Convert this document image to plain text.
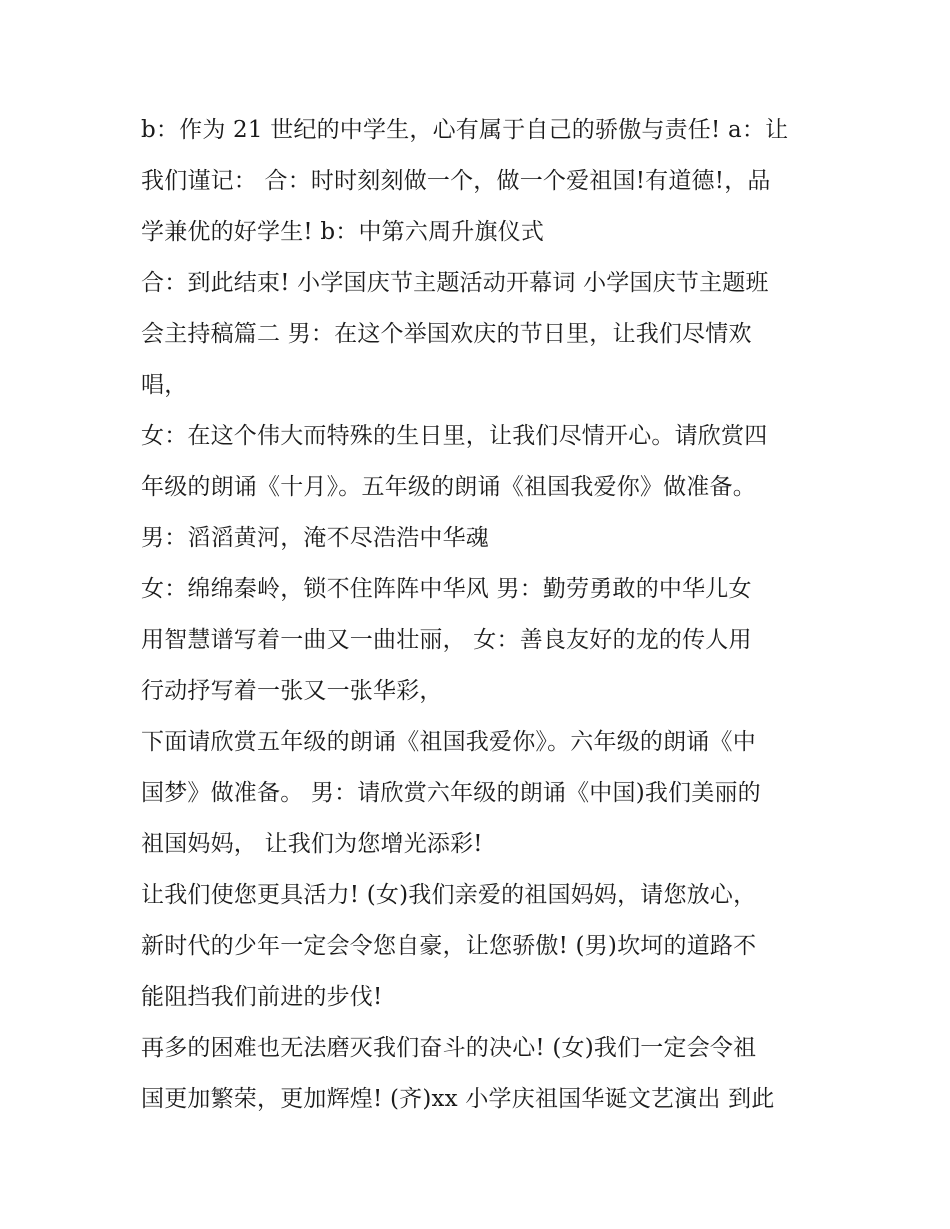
b：作为 21 世纪的中学生，心有属于自己的骄傲与责任! a：让
我们谨记： 合：时时刻刻做一个，做一个爱祖国!有道德!，品
学兼优的好学生! b：中第六周升旗仪式
合：到此结束! 小学国庆节主题活动开幕词 小学国庆节主题班
会主持稿篇二 男：在这个举国欢庆的节日里，让我们尽情欢
唱，
女：在这个伟大而特殊的生日里，让我们尽情开心。请欣赏四
年级的朗诵《十月》。五年级的朗诵《祖国我爱你》做准备。
男：滔滔黄河，淹不尽浩浩中华魂
女：绵绵秦岭，锁不住阵阵中华风 男：勤劳勇敢的中华儿女
用智慧谱写着一曲又一曲壮丽， 女：善良友好的龙的传人用
行动抒写着一张又一张华彩，
下面请欣赏五年级的朗诵《祖国我爱你》。六年级的朗诵《中
国梦》做准备。 男：请欣赏六年级的朗诵《中国)我们美丽的
祖国妈妈， 让我们为您增光添彩!
让我们使您更具活力! (女)我们亲爱的祖国妈妈，请您放心，
新时代的少年一定会令您自豪，让您骄傲! (男)坎坷的道路不
能阻挡我们前进的步伐!
再多的困难也无法磨灭我们奋斗的决心! (女)我们一定会令祖
国更加繁荣，更加辉煌! (齐)xx 小学庆祖国华诞文艺演出 到此
